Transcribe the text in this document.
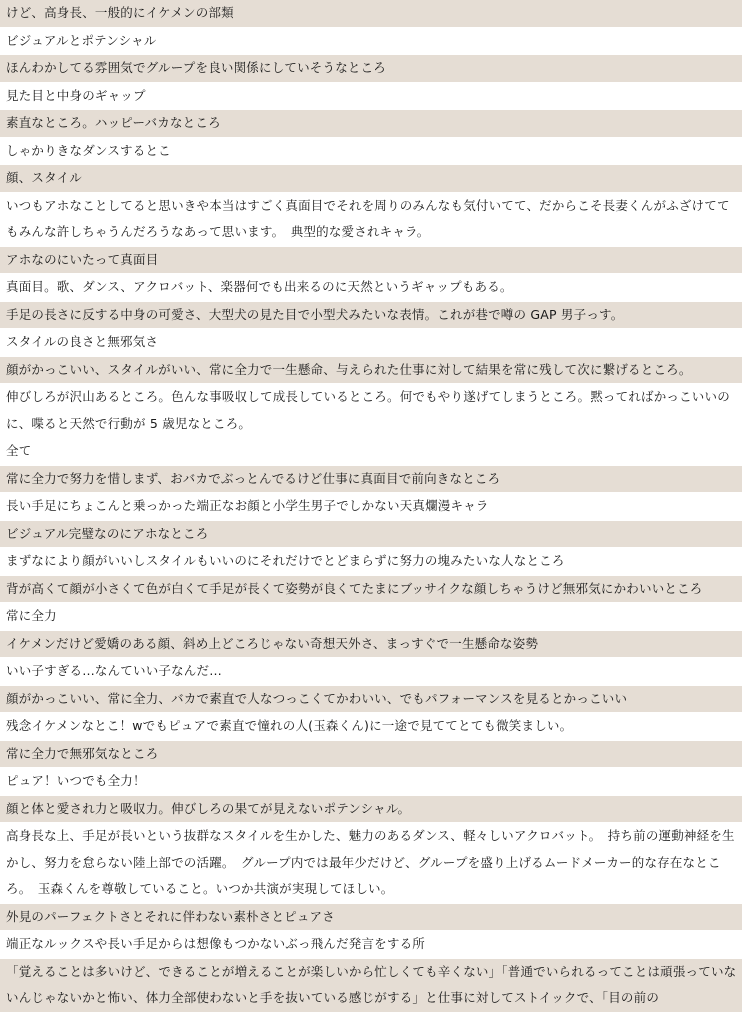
けど、高身長、一般的にイケメンの部類
ビジュアルとポテンシャル
ほんわかしてる雰囲気でグループを良い関係にしていそうなところ
見た目と中身のギャップ
素直なところ。ハッピーバカなところ
しゃかりきなダンスするとこ
顔、スタイル
いつもアホなことしてると思いきや本当はすごく真面目でそれを周りのみんなも気付いてて、だからこそ長妻くんがふざけててもみんな許しちゃうんだろうなあって思います。　典型的な愛されキャラ。
アホなのにいたって真面目
真面目。歌、ダンス、アクロバット、楽器何でも出来るのに天然というギャップもある。
手足の長さに反する中身の可愛さ、大型犬の見た目で小型犬みたいな表情。これが巷で噂の GAP 男子っす。
スタイルの良さと無邪気さ
顔がかっこいい、スタイルがいい、常に全力で一生懸命、与えられた仕事に対して結果を常に残して次に繋げるところ。
伸びしろが沢山あるところ。色んな事吸収して成長しているところ。何でもやり遂げてしまうところ。黙ってればかっこいいのに、喋ると天然で行動が 5 歳児なところ。
全て
常に全力で努力を惜しまず、おバカでぶっとんでるけど仕事に真面目で前向きなところ
長い手足にちょこんと乗っかった端正なお顔と小学生男子でしかない天真爛漫キャラ
ビジュアル完璧なのにアホなところ
まずなにより顔がいいしスタイルもいいのにそれだけでとどまらずに努力の塊みたいな人なところ
背が高くて顔が小さくて色が白くて手足が長くて姿勢が良くてたまにブッサイクな顔しちゃうけど無邪気にかわいいところ
常に全力
イケメンだけど愛嬌のある顔、斜め上どころじゃない奇想天外さ、まっすぐで一生懸命な姿勢
いい子すぎる…なんていい子なんだ…
顔がかっこいい、常に全力、バカで素直で人なつっこくてかわいい、でもパフォーマンスを見るとかっこいい
残念イケメンなとこ！wでもピュアで素直で憧れの人(玉森くん)に一途で見ててとても微笑ましい。
常に全力で無邪気なところ
ピュア！いつでも全力！
顔と体と愛され力と吸収力。伸びしろの果てが見えないポテンシャル。
高身長な上、手足が長いという抜群なスタイルを生かした、魅力のあるダンス、軽々しいアクロバット。　持ち前の運動神経を生かし、努力を怠らない陸上部での活躍。　グループ内では最年少だけど、グループを盛り上げるムードメーカー的な存在なところ。　玉森くんを尊敬していること。いつか共演が実現してほしい。
外見のパーフェクトさとそれに伴わない素朴さとピュアさ
端正なルックスや長い手足からは想像もつかないぶっ飛んだ発言をする所
「覚えることは多いけど、できることが増えることが楽しいから忙しくても辛くない」「普通でいられるってことは頑張っていないんじゃないかと怖い、体力全部使わないと手を抜いている感じがする」と仕事に対してストイックで、「目の前の
